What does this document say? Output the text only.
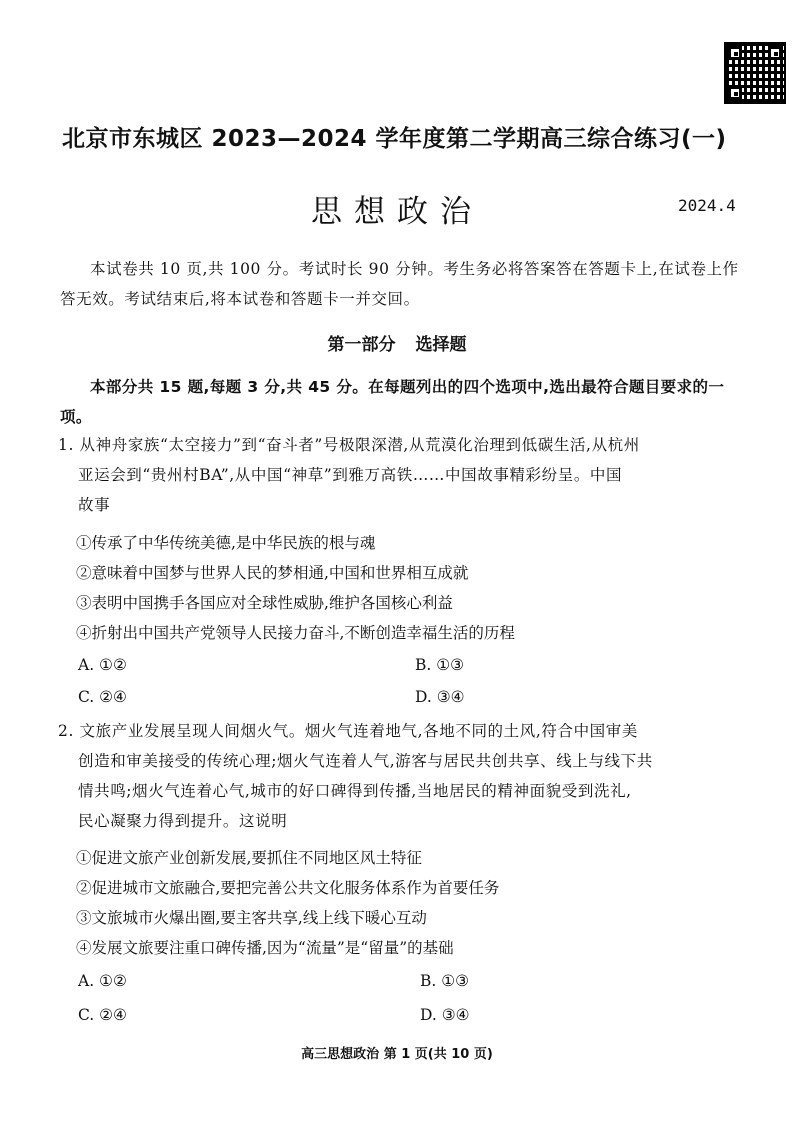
北京市东城区 2023—2024 学年度第二学期高三综合练习(一)
思想政治	2024.4
本试卷共 10 页,共 100 分。考试时长 90 分钟。考生务必将答案答在答题卡上,在试卷上作答无效。考试结束后,将本试卷和答题卡一并交回。
第一部分 选择题
本部分共 15 题,每题 3 分,共 45 分。在每题列出的四个选项中,选出最符合题目要求的一项。
1. 从神舟家族“太空接力”到“奋斗者”号极限深潜,从荒漠化治理到低碳生活,从杭州
亚运会到“贵州村BA”,从中国“神草”到雅万高铁……中国故事精彩纷呈。中国
故事
①传承了中华传统美德,是中华民族的根与魂
②意味着中国梦与世界人民的梦相通,中国和世界相互成就
③表明中国携手各国应对全球性威胁,维护各国核心利益
④折射出中国共产党领导人民接力奋斗,不断创造幸福生活的历程
A. ①②	B. ①③
C. ②④	D. ③④
2. 文旅产业发展呈现人间烟火气。烟火气连着地气,各地不同的土风,符合中国审美
创造和审美接受的传统心理;烟火气连着人气,游客与居民共创共享、线上与线下共
情共鸣;烟火气连着心气,城市的好口碑得到传播,当地居民的精神面貌受到洗礼,
民心凝聚力得到提升。这说明
①促进文旅产业创新发展,要抓住不同地区风土特征
②促进城市文旅融合,要把完善公共文化服务体系作为首要任务
③文旅城市火爆出圈,要主客共享,线上线下暖心互动
④发展文旅要注重口碑传播,因为“流量”是“留量”的基础
A. ①②	B. ①③
C. ②④	D. ③④
高三思想政治 第 1 页(共 10 页)
